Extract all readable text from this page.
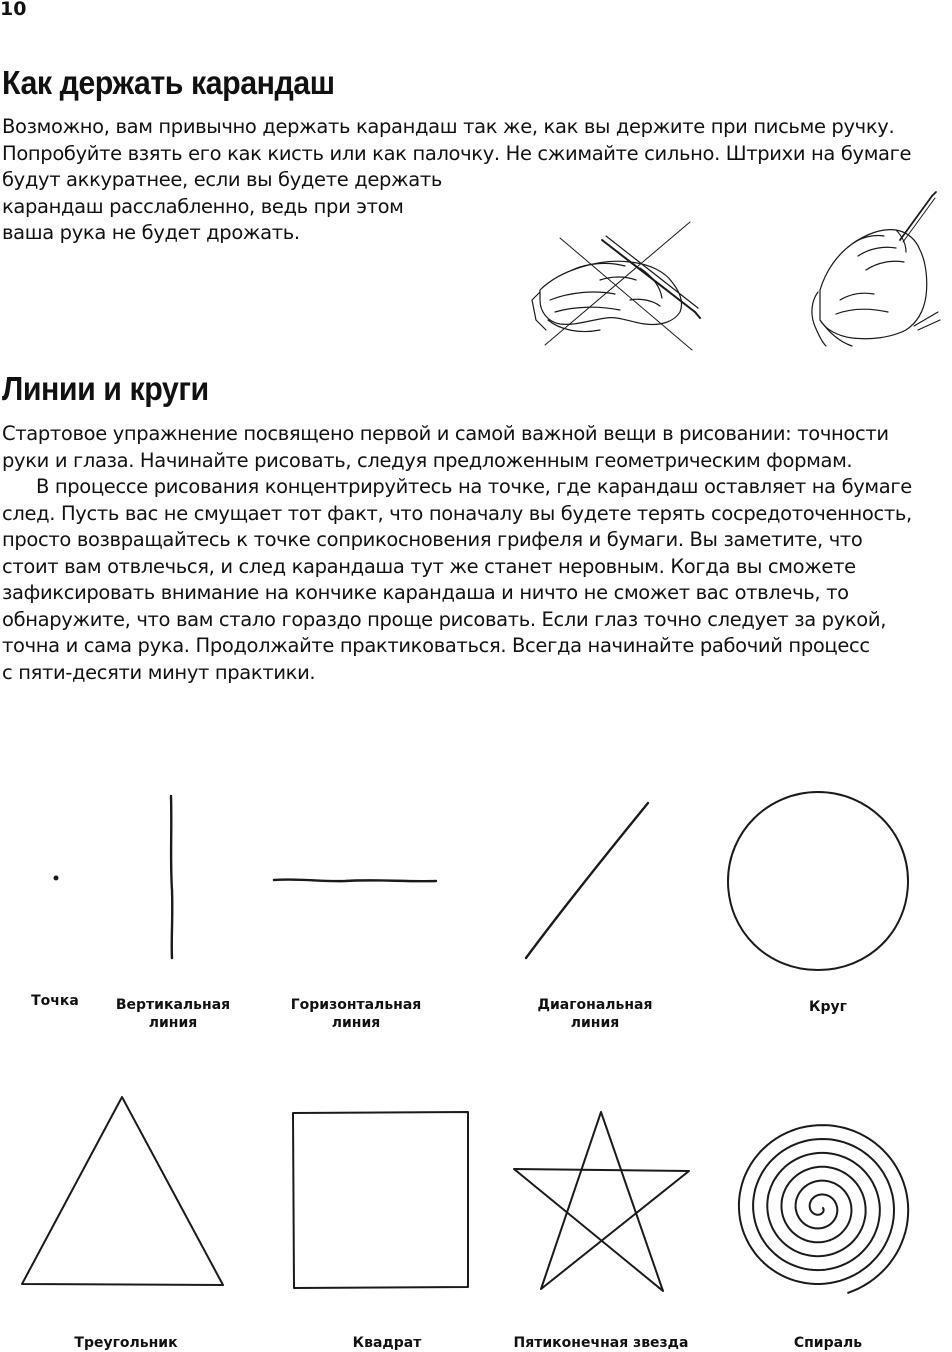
10
Как держать карандаш

Возможно, вам привычно держать карандаш так же, как вы держите при письме ручку.

Попробуйте взять его как кисть или как палочку. Не сжимайте сильно. Штрихи на бумаге

будут аккуратнее, если вы будете держать

карандаш расслабленно, ведь при этом

ваша рука не будет дрожать.

Линии и круги

Стартовое упражнение посвящено первой и самой важной вещи в рисовании: точности

руки и глаза. Начинайте рисовать, следуя предложенным геометрическим формам.

В процессе рисования концентрируйтесь на точке, где карандаш оставляет на бумаге

след. Пусть вас не смущает тот факт, что поначалу вы будете терять сосредоточенность,

просто возвращайтесь к точке соприкосновения грифеля и бумаги. Вы заметите, что

стоит вам отвлечься, и след карандаша тут же станет неровным. Когда вы сможете

зафиксировать внимание на кончике карандаша и ничто не сможет вас отвлечь, то

обнаружите, что вам стало гораздо проще рисовать. Если глаз точно следует за рукой,

точна и сама рука. Продолжайте практиковаться. Всегда начинайте рабочий процесс

с пяти-десяти минут практики.

Точка	Вертикальная
линия
Горизонтальная
линия
Диагональная
линия
Круг
Треугольник	Квадрат	Пятиконечная звезда	Спираль
